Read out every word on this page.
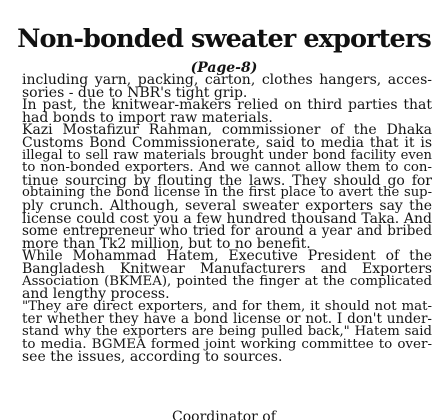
Non-bonded sweater exporters
(Page-8)
including yarn, packing, carton, clothes hangers, acces-
sories - due to NBR's tight grip.
In past, the knitwear-makers relied on third parties that
had bonds to import raw materials.
Kazi Mostafizur Rahman, commissioner of the Dhaka
Customs Bond Commissionerate, said to media that it is
illegal to sell raw materials brought under bond facility even
to non-bonded exporters. And we cannot allow them to con-
tinue sourcing by flouting the laws. They should go for
obtaining the bond license in the first place to avert the sup-
ply crunch. Although, several sweater exporters say the
license could cost you a few hundred thousand Taka. And
some entrepreneur who tried for around a year and bribed
more than Tk2 million, but to no benefit.
While Mohammad Hatem, Executive President of the
Bangladesh Knitwear Manufacturers and Exporters
Association (BKMEA), pointed the finger at the complicated
and lengthy process.
"They are direct exporters, and for them, it should not mat-
ter whether they have a bond license or not. I don't under-
stand why the exporters are being pulled back," Hatem said
to media. BGMEA formed joint working committee to over-
see the issues, according to sources.
Coordinator of
